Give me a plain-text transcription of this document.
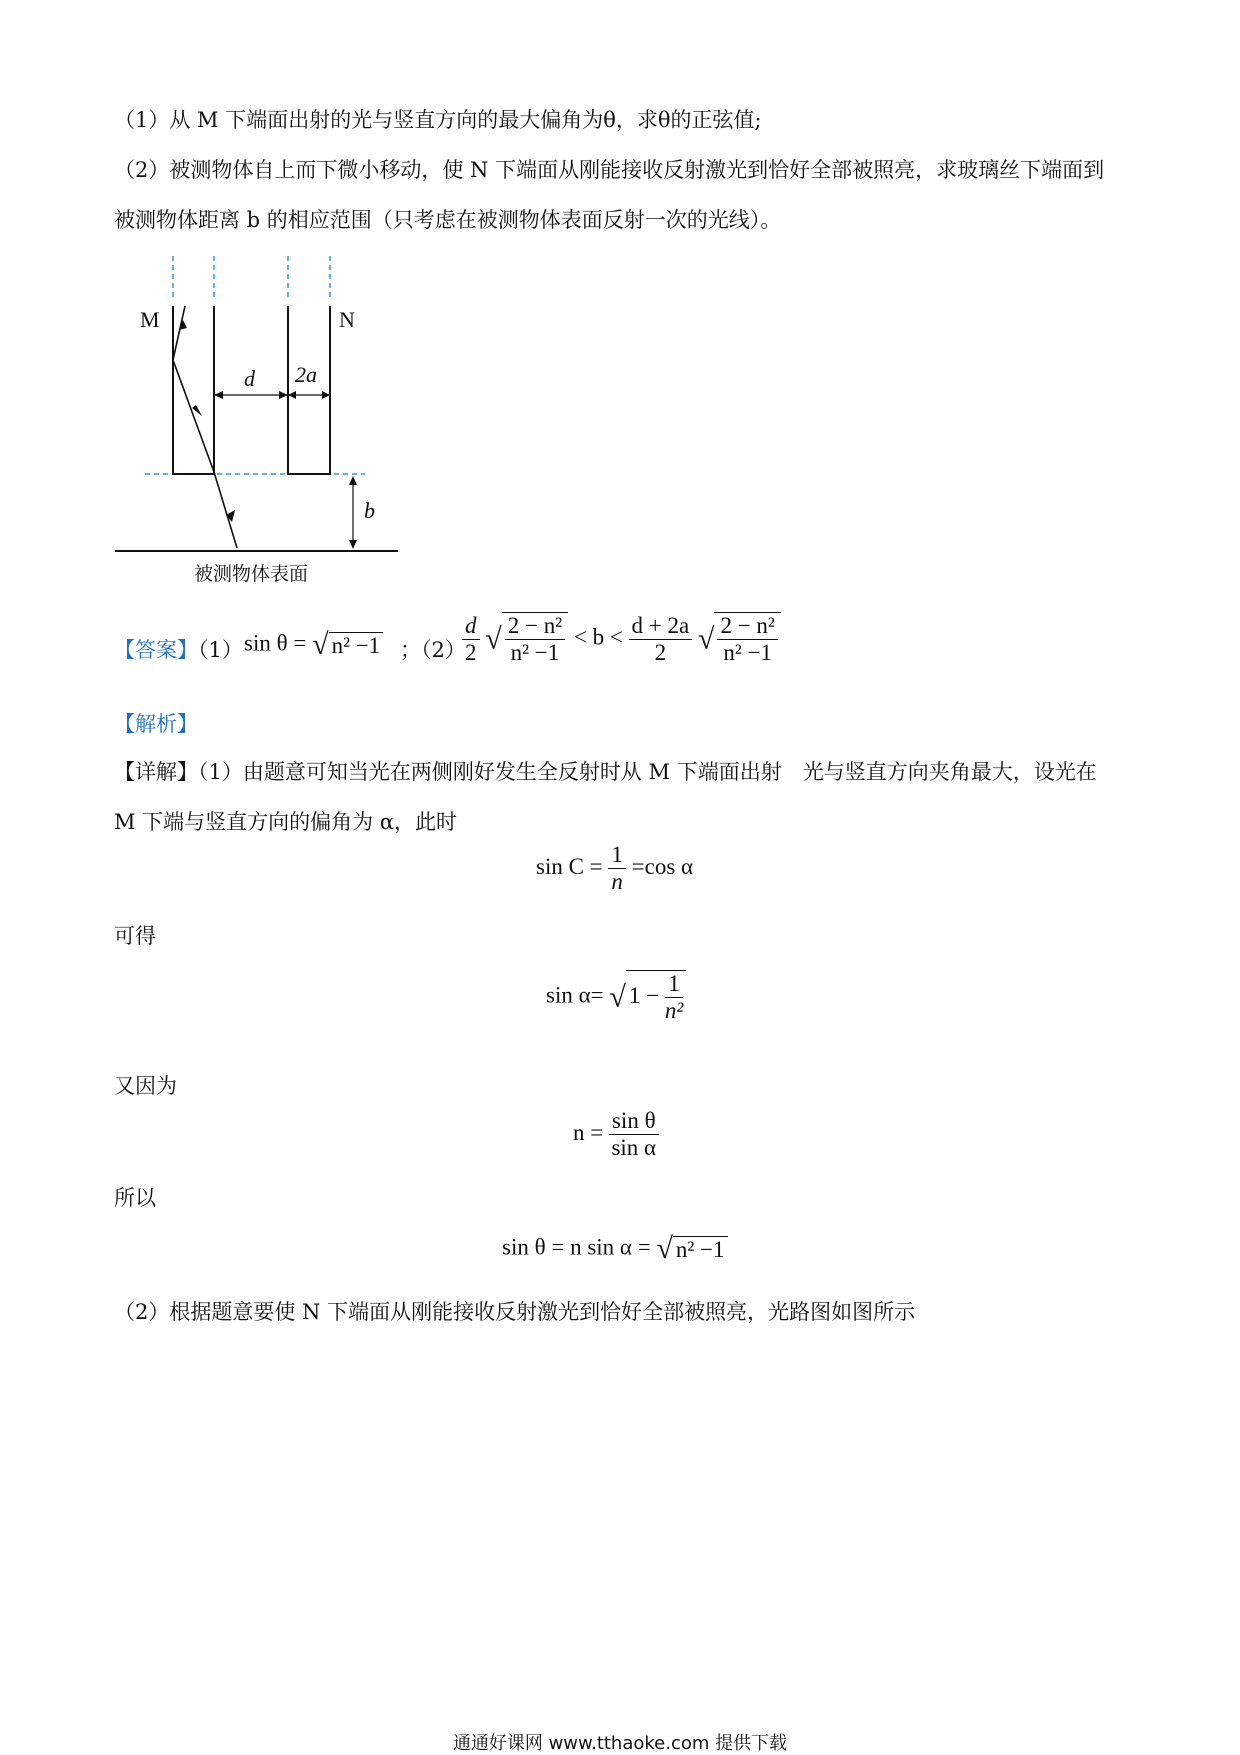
（1）从 M 下端面出射的光与竖直方向的最大偏角为θ，求θ的正弦值;
（2）被测物体自上而下微小移动，使 N 下端面从刚能接收反射激光到恰好全部被照亮，求玻璃丝下端面到
被测物体距离 b 的相应范围（只考虑在被测物体表面反射一次的光线）。
M	N
d 2a
b
被测物体表面
【答案】（1） sin θ = √ n² −1 ；（2）
$\frac{d}{2}$ √ $\frac{\text{2 − n²}}{\text{n² −1}} < b < \frac{d + 2a}{2}$ √ $\frac{\text{2 − n²}}{\text{n² −1}}$
【解析】
【详解】（1）由题意可知当光在两侧刚好发生全反射时从 M 下端面出射　光与竖直方向夹角最大，设光在
M 下端与竖直方向的偏角为 α，此时
$\sin C = \frac{1}{n} =\cos$ α
可得
sin α= √ $1 - \frac{1}{\text{n²}}$
又因为
$n = \frac{\text{sin θ}}{\text{sin α}}$
所以
sin θ = n sin α = √ n² −1
（2）根据题意要使 N 下端面从刚能接收反射激光到恰好全部被照亮，光路图如图所示
通通好课网 www.tthaoke.com 提供下载
